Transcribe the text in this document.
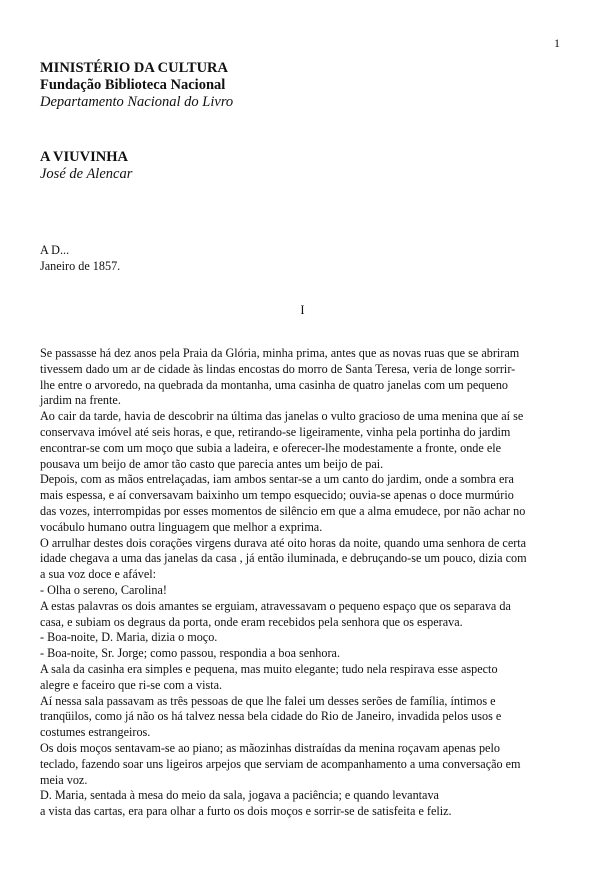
1
MINISTÉRIO DA CULTURA
Fundação Biblioteca Nacional
Departamento Nacional do Livro
A VIUVINHA
José de Alencar
A D...
Janeiro de 1857.
I
Se passasse há dez anos pela Praia da Glória, minha prima, antes que as novas ruas que se abriram
tivessem dado um ar de cidade às lindas encostas do morro de Santa Teresa, veria de longe sorrir-
lhe entre o arvoredo, na quebrada da montanha, uma casinha de quatro janelas com um pequeno
jardim na frente.
Ao cair da tarde, havia de descobrir na última das janelas o vulto gracioso de uma menina que aí se
conservava imóvel até seis horas, e que, retirando-se ligeiramente, vinha pela portinha do jardim
encontrar-se com um moço que subia a ladeira, e oferecer-lhe modestamente a fronte, onde ele
pousava um beijo de amor tão casto que parecia antes um beijo de pai.
Depois, com as mãos entrelaçadas, iam ambos sentar-se a um canto do jardim, onde a sombra era
mais espessa, e aí conversavam baixinho um tempo esquecido; ouvia-se apenas o doce murmúrio
das vozes, interrompidas por esses momentos de silêncio em que a alma emudece, por não achar no
vocábulo humano outra linguagem que melhor a exprima.
O arrulhar destes dois corações virgens durava até oito horas da noite, quando uma senhora de certa
idade chegava a uma das janelas da casa , já então iluminada, e debruçando-se um pouco, dizia com
a sua voz doce e afável:
- Olha o sereno, Carolina!
A estas palavras os dois amantes se erguiam, atravessavam o pequeno espaço que os separava da
casa, e subiam os degraus da porta, onde eram recebidos pela senhora que os esperava.
- Boa-noite, D. Maria, dizia o moço.
- Boa-noite, Sr. Jorge; como passou, respondia a boa senhora.
A sala da casinha era simples e pequena, mas muito elegante; tudo nela respirava esse aspecto
alegre e faceiro que ri-se com a vista.
Aí nessa sala passavam as três pessoas de que lhe falei um desses serões de família, íntimos e
tranqüilos, como já não os há talvez nessa bela cidade do Rio de Janeiro, invadida pelos usos e
costumes estrangeiros.
Os dois moços sentavam-se ao piano; as mãozinhas distraídas da menina roçavam apenas pelo
teclado, fazendo soar uns ligeiros arpejos que serviam de acompanhamento a uma conversação em
meia voz.
D. Maria, sentada à mesa do meio da sala, jogava a paciência; e quando levantava
a vista das cartas, era para olhar a furto os dois moços e sorrir-se de satisfeita e feliz.
